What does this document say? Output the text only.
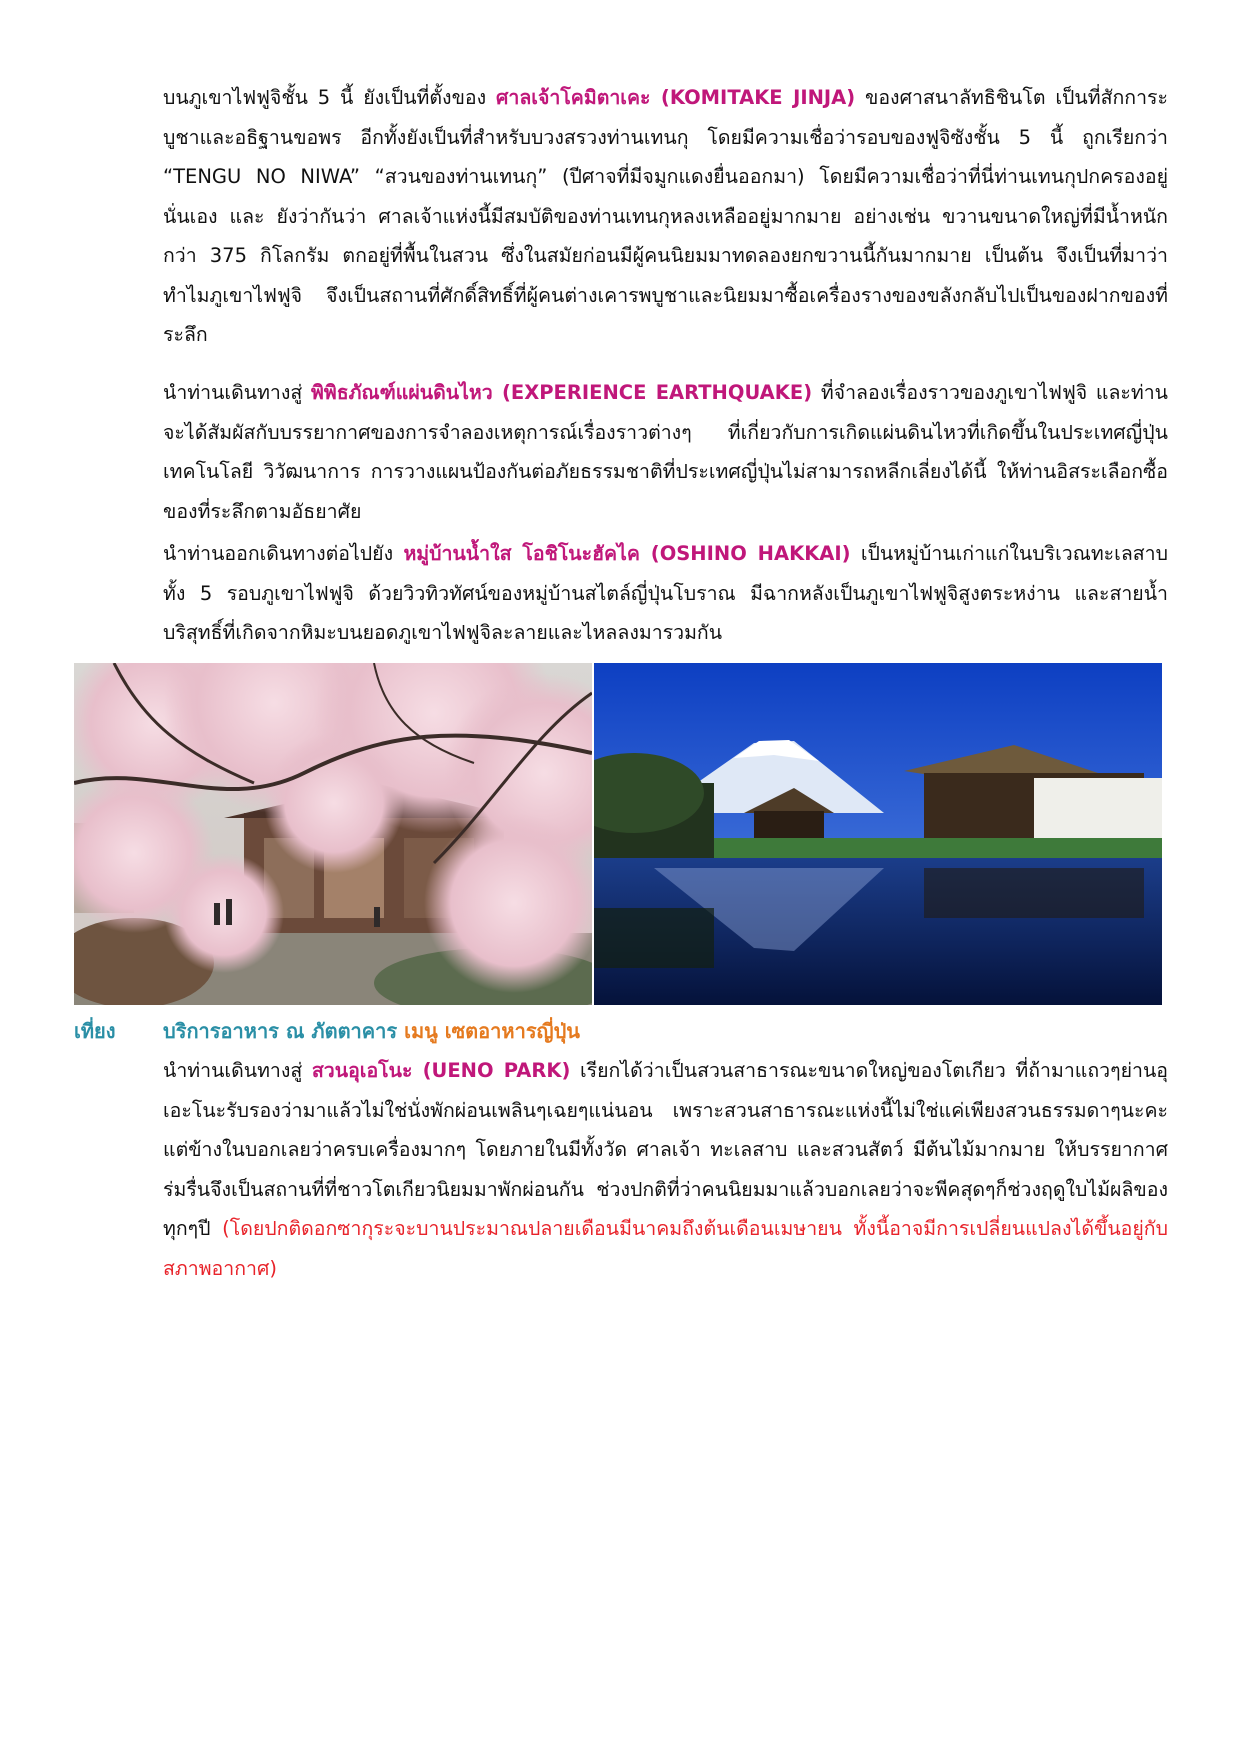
บนภูเขาไฟฟูจิชั้น 5 นี้ ยังเป็นที่ตั้งของ ศาลเจ้าโคมิตาเคะ (KOMITAKE JINJA) ของศาสนาลัทธิชินโต เป็นที่สักการะบูชาและอธิฐานขอพร อีกทั้งยังเป็นที่สำหรับบวงสรวงท่านเทนกุ โดยมีความเชื่อว่ารอบของฟูจิซังชั้น 5 นี้ ถูกเรียกว่า “TENGU NO NIWA” “สวนของท่านเทนกุ” (ปีศาจที่มีจมูกแดงยื่นออกมา) โดยมีความเชื่อว่าที่นี่ท่านเทนกุปกครองอยู่นั่นเอง และ ยังว่ากันว่า ศาลเจ้าแห่งนี้มีสมบัติของท่านเทนกุหลงเหลืออยู่มากมาย อย่างเช่น ขวานขนาดใหญ่ที่มีน้ำหนักกว่า 375 กิโลกรัม ตกอยู่ที่พื้นในสวน ซึ่งในสมัยก่อนมีผู้คนนิยมมาทดลองยกขวานนี้กันมากมาย เป็นต้น จึงเป็นที่มาว่าทำไมภูเขาไฟฟูจิ จึงเป็นสถานที่ศักดิ์สิทธิ์ที่ผู้คนต่างเคารพบูชาและนิยมมาซื้อเครื่องรางของขลังกลับไปเป็นของฝากของที่ระลึก

นำท่านเดินทางสู่ พิพิธภัณฑ์แผ่นดินไหว (EXPERIENCE EARTHQUAKE) ที่จำลองเรื่องราวของภูเขาไฟฟูจิ และท่านจะได้สัมผัสกับบรรยากาศของการจำลองเหตุการณ์เรื่องราวต่างๆ ที่เกี่ยวกับการเกิดแผ่นดินไหวที่เกิดขึ้นในประเทศญี่ปุ่น เทคโนโลยี วิวัฒนาการ การวางแผนป้องกันต่อภัยธรรมชาติที่ประเทศญี่ปุ่นไม่สามารถหลีกเลี่ยงได้นี้ ให้ท่านอิสระเลือกซื้อของที่ระลึกตามอัธยาศัย

นำท่านออกเดินทางต่อไปยัง หมู่บ้านน้ำใส โอชิโนะฮัคไค (OSHINO HAKKAI) เป็นหมู่บ้านเก่าแก่ในบริเวณทะเลสาบทั้ง 5 รอบภูเขาไฟฟูจิ ด้วยวิวทิวทัศน์ของหมู่บ้านสไตล์ญี่ปุ่นโบราณ มีฉากหลังเป็นภูเขาไฟฟูจิสูงตระหง่าน และสายน้ำบริสุทธิ์ที่เกิดจากหิมะบนยอดภูเขาไฟฟูจิละลายและไหลลงมารวมกัน

เที่ยง บริการอาหาร ณ ภัตตาคาร เมนู เซตอาหารญี่ปุ่น

นำท่านเดินทางสู่ สวนอุเอโนะ (UENO PARK) เรียกได้ว่าเป็นสวนสาธารณะขนาดใหญ่ของโตเกียว ที่ถ้ามาแถวๆย่านอุเอะโนะรับรองว่ามาแล้วไม่ใช่นั่งพักผ่อนเพลินๆเฉยๆแน่นอน เพราะสวนสาธารณะแห่งนี้ไม่ใช่แค่เพียงสวนธรรมดาๆนะคะ แต่ข้างในบอกเลยว่าครบเครื่องมากๆ โดยภายในมีทั้งวัด ศาลเจ้า ทะเลสาบ และสวนสัตว์ มีต้นไม้มากมาย ให้บรรยากาศร่มรื่นจึงเป็นสถานที่ที่ชาวโตเกียวนิยมมาพักผ่อนกัน ช่วงปกติที่ว่าคนนิยมมาแล้วบอกเลยว่าจะพีคสุดๆก็ช่วงฤดูใบไม้ผลิของทุกๆปี (โดยปกติดอกซากุระจะบานประมาณปลายเดือนมีนาคมถึงต้นเดือนเมษายน ทั้งนี้อาจมีการเปลี่ยนแปลงได้ขึ้นอยู่กับสภาพอากาศ)
